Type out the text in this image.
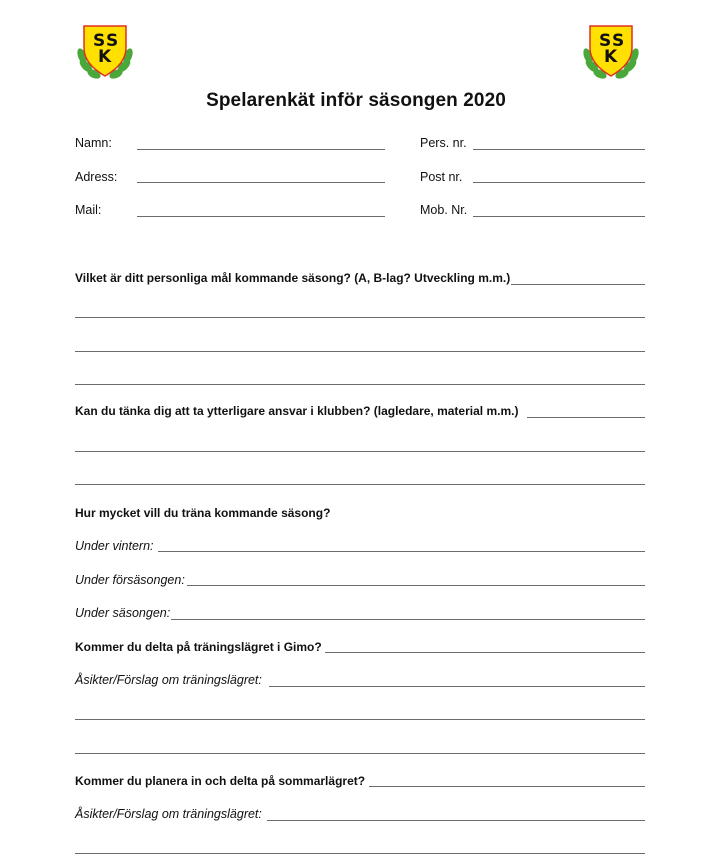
S S
K
S S
K
Spelarenkät inför säsongen 2020
Namn:
Adress:
Mail:
Pers. nr.
Post nr.
Mob. Nr.
Vilket är ditt personliga mål kommande säsong? (A, B-lag? Utveckling m.m.)
Kan du tänka dig att ta ytterligare ansvar i klubben? (lagledare, material m.m.)
Hur mycket vill du träna kommande säsong?
Under vintern:
Under försäsongen:
Under säsongen:
Kommer du delta på träningslägret i Gimo?
Åsikter/Förslag om träningslägret:
Kommer du planera in och delta på sommarlägret?
Åsikter/Förslag om träningslägret:
